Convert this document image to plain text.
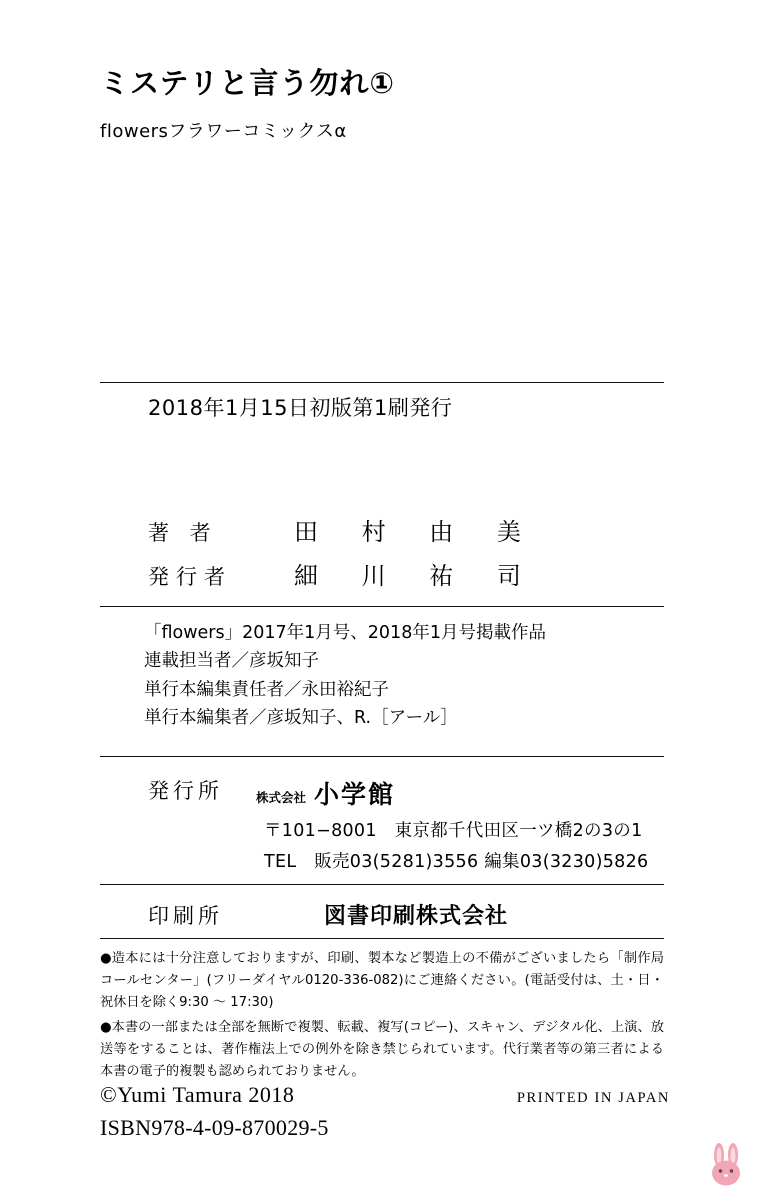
ミステリと言う勿れ①
flowersフラワーコミックスα
2018年1月15日初版第1刷発行
著 者	田 村 由 美
発行者	細 川 祐 司
「flowers」2017年1月号、2018年1月号掲載作品
連載担当者／彦坂知子
単行本編集責任者／永田裕紀子
単行本編集者／彦坂知子、R.［アール］
発行所	株式会社 小学館
〒101−8001　東京都千代田区一ツ橋2の3の1
TEL　販売03(5281)3556 編集03(3230)5826
印刷所	図書印刷株式会社

●造本には十分注意しておりますが、印刷、製本など製造上の不備がございましたら「制作局コールセンター」(フリーダイヤル0120-336-082)にご連絡ください。(電話受付は、土・日・祝休日を除く9:30 〜 17:30)

●本書の一部または全部を無断で複製、転載、複写(コピー)、スキャン、デジタル化、上演、放送等をすることは、著作権法上での例外を除き禁じられています。代行業者等の第三者による本書の電子的複製も認められておりません。

©Yumi Tamura 2018	PRINTED IN JAPAN
ISBN978-4-09-870029-5
